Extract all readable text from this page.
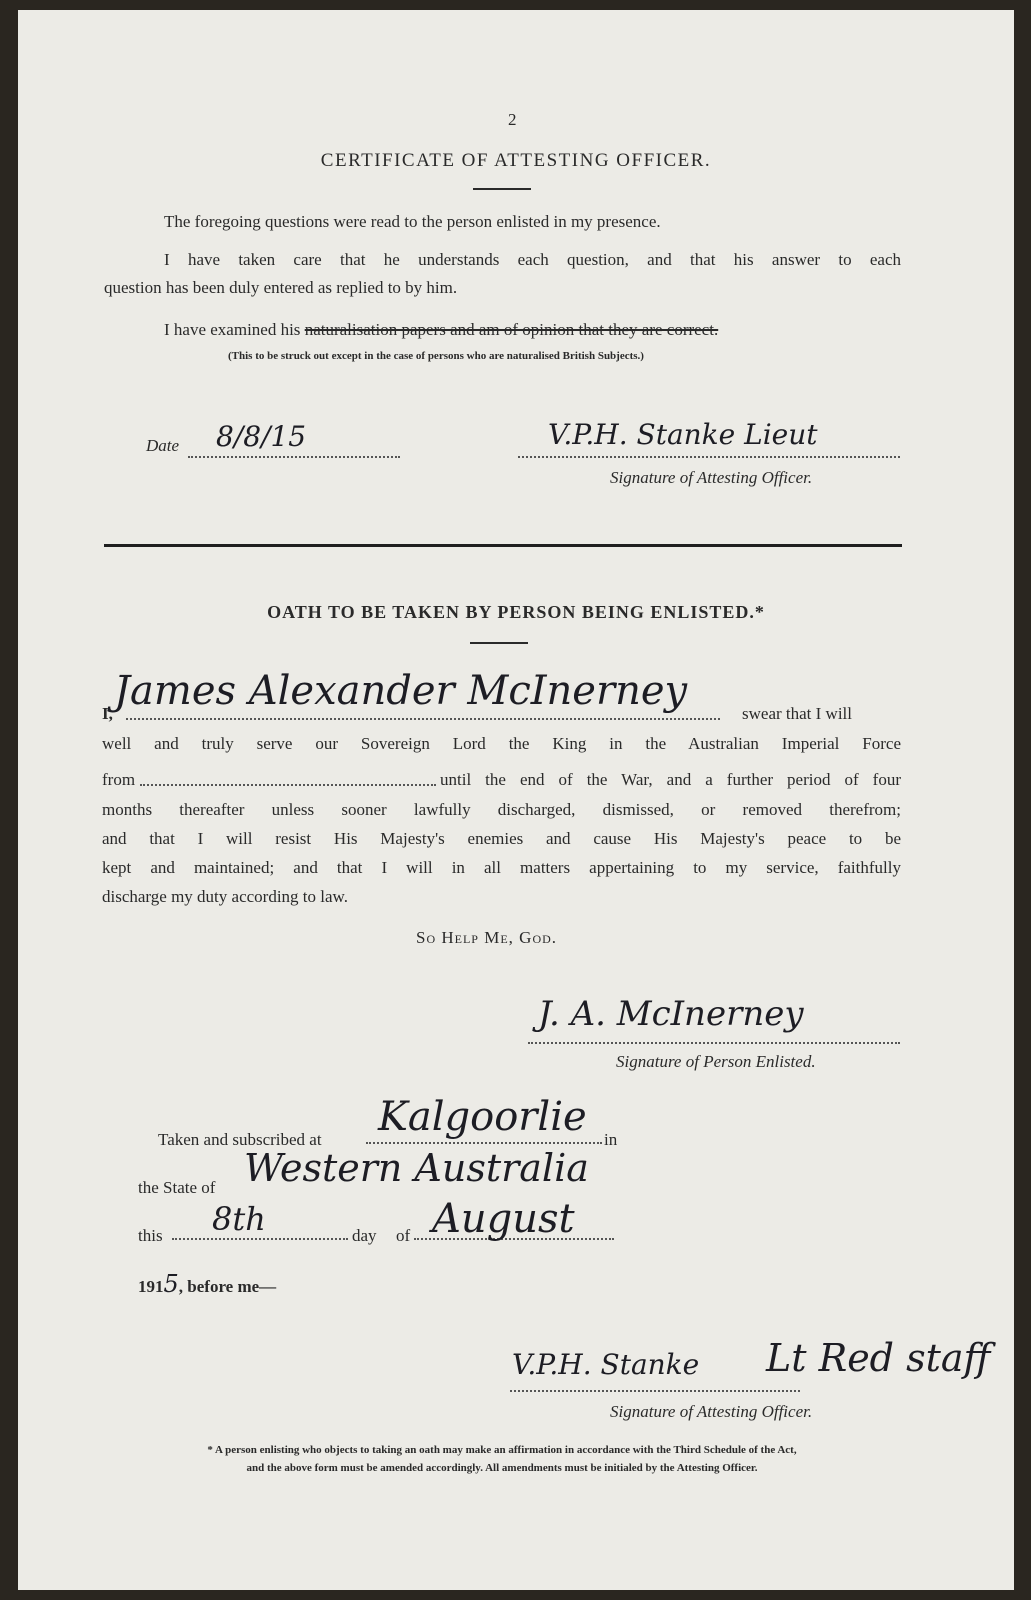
2
CERTIFICATE OF ATTESTING OFFICER.
The foregoing questions were read to the person enlisted in my presence.
I have taken care that he understands each question, and that his answer to each
question has been duly entered as replied to by him.
I have examined his naturalisation papers and am of opinion that they are correct.
(This to be struck out except in the case of persons who are naturalised British Subjects.)
Date 8/8/15	V.P.H. Stanke Lieut
Signature of Attesting Officer.
OATH TO BE TAKEN BY PERSON BEING ENLISTED.*
I, James Alexander McInerney	swear that I will
well and truly serve our Sovereign Lord the King in the Australian Imperial Force
from	until the end of the War, and a further period of four
months thereafter unless sooner lawfully discharged, dismissed, or removed therefrom;
and that I will resist His Majesty's enemies and cause His Majesty's peace to be
kept and maintained; and that I will in all matters appertaining to my service, faithfully
discharge my duty according to law.
So Help Me, God.
J. A. McInerney
Signature of Person Enlisted.
Taken and subscribed at Kalgoorlie in
the State of Western Australia
this 8th	day of August
1915, before me—
V.P.H. Stanke Lt Red staff
Signature of Attesting Officer.
* A person enlisting who objects to taking an oath may make an affirmation in accordance with the Third Schedule of the Act,
and the above form must be amended accordingly. All amendments must be initialed by the Attesting Officer.
